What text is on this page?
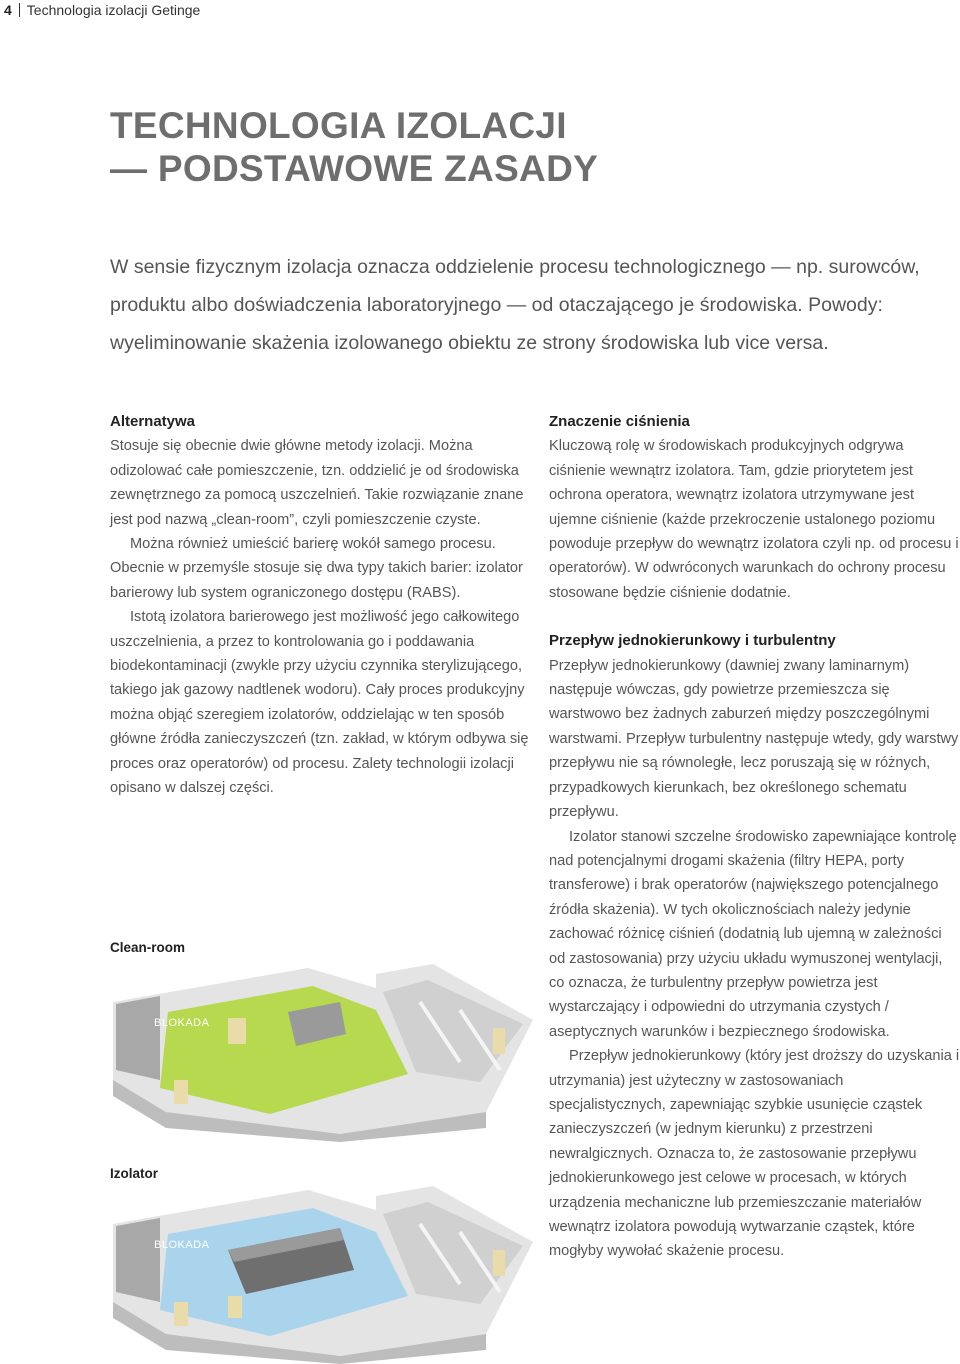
4 Technologia izolacji Getinge
TECHNOLOGIA IZOLACJI
— PODSTAWOWE ZASADY

W sensie fizycznym izolacja oznacza oddzielenie procesu technologicznego — np. surowców, produktu albo doświadczenia laboratoryjnego — od otaczającego je środowiska. Powody: wyeliminowanie skażenia izolowanego obiektu ze strony środowiska lub vice versa.

Alternatywa

Stosuje się obecnie dwie główne metody izolacji. Można odizolować całe pomieszczenie, tzn. oddzielić je od środowiska zewnętrznego za pomocą uszczelnień. Takie rozwiązanie znane jest pod nazwą „clean-room”, czyli pomieszczenie czyste.

Można również umieścić barierę wokół samego procesu. Obecnie w przemyśle stosuje się dwa typy takich barier: izolator barierowy lub system ograniczonego dostępu (RABS).

Istotą izolatora barierowego jest możliwość jego całkowitego uszczelnienia, a przez to kontrolowania go i poddawania biodekontaminacji (zwykle przy użyciu czynnika sterylizującego, takiego jak gazowy nadtlenek wodoru). Cały proces produkcyjny można objąć szeregiem izolatorów, oddzielając w ten sposób główne źródła zanieczyszczeń (tzn. zakład, w którym odbywa się proces oraz operatorów) od procesu. Zalety technologii izolacji opisano w dalszej części.

Clean-room
BLOKADA
Izolator
BLOKADA

Znaczenie ciśnienia

Kluczową rolę w środowiskach produkcyjnych odgrywa ciśnienie wewnątrz izolatora. Tam, gdzie priorytetem jest ochrona operatora, wewnątrz izolatora utrzymywane jest ujemne ciśnienie (każde przekroczenie ustalonego poziomu powoduje przepływ do wewnątrz izolatora czyli np. od procesu i operatorów). W odwróconych warunkach do ochrony procesu stosowane będzie ciśnienie dodatnie.

Przepływ jednokierunkowy i turbulentny

Przepływ jednokierunkowy (dawniej zwany laminarnym) następuje wówczas, gdy powietrze przemieszcza się warstwowo bez żadnych zaburzeń między poszczególnymi warstwami. Przepływ turbulentny następuje wtedy, gdy warstwy przepływu nie są równoległe, lecz poruszają się w różnych, przypadkowych kierunkach, bez określonego schematu przepływu.

Izolator stanowi szczelne środowisko zapewniające kontrolę nad potencjalnymi drogami skażenia (filtry HEPA, porty transferowe) i brak operatorów (największego potencjalnego źródła skażenia). W tych okolicznościach należy jedynie zachować różnicę ciśnień (dodatnią lub ujemną w zależności od zastosowania) przy użyciu układu wymuszonej wentylacji, co oznacza, że turbulentny przepływ powietrza jest wystarczający i odpowiedni do utrzymania czystych / aseptycznych warunków i bezpiecznego środowiska.

Przepływ jednokierunkowy (który jest droższy do uzyskania i utrzymania) jest użyteczny w zastosowaniach specjalistycznych, zapewniając szybkie usunięcie cząstek zanieczyszczeń (w jednym kierunku) z przestrzeni newralgicznych. Oznacza to, że zastosowanie przepływu jednokierunkowego jest celowe w procesach, w których urządzenia mechaniczne lub przemieszczanie materiałów wewnątrz izolatora powodują wytwarzanie cząstek, które mogłyby wywołać skażenie procesu.
